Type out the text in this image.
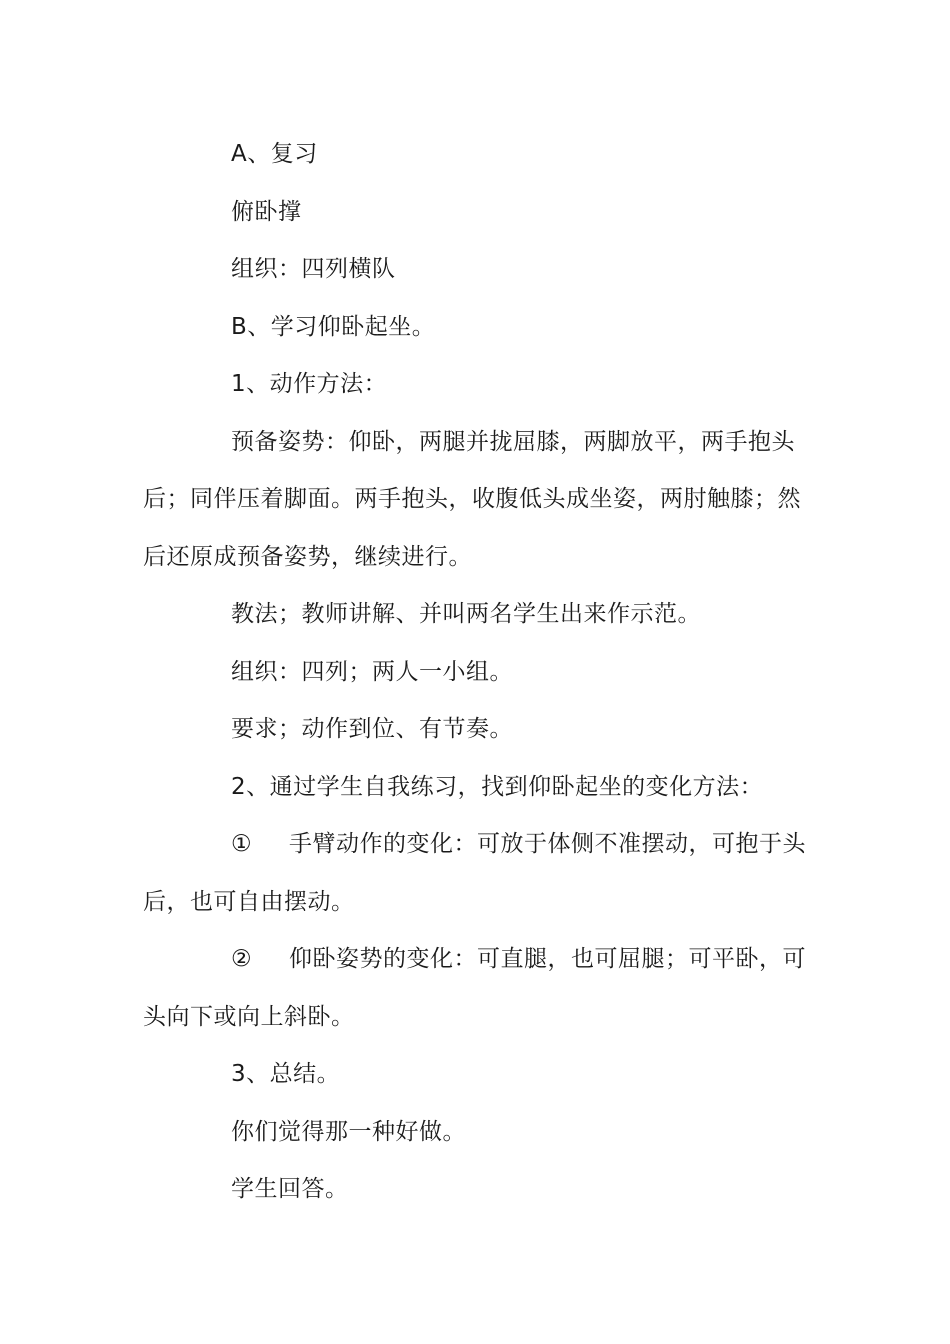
A、复习

俯卧撑

组织：四列横队

B、学习仰卧起坐。

1、动作方法：

预备姿势：仰卧，两腿并拢屈膝，两脚放平，两手抱头后；同伴压着脚面。两手抱头，收腹低头成坐姿，两肘触膝；然后还原成预备姿势，继续进行。

教法；教师讲解、并叫两名学生出来作示范。

组织：四列；两人一小组。

要求；动作到位、有节奏。

2、通过学生自我练习，找到仰卧起坐的变化方法：

① 手臂动作的变化：可放于体侧不准摆动，可抱于头后，也可自由摆动。

② 仰卧姿势的变化：可直腿，也可屈腿；可平卧，可头向下或向上斜卧。

3、总结。

你们觉得那一种好做。

学生回答。
